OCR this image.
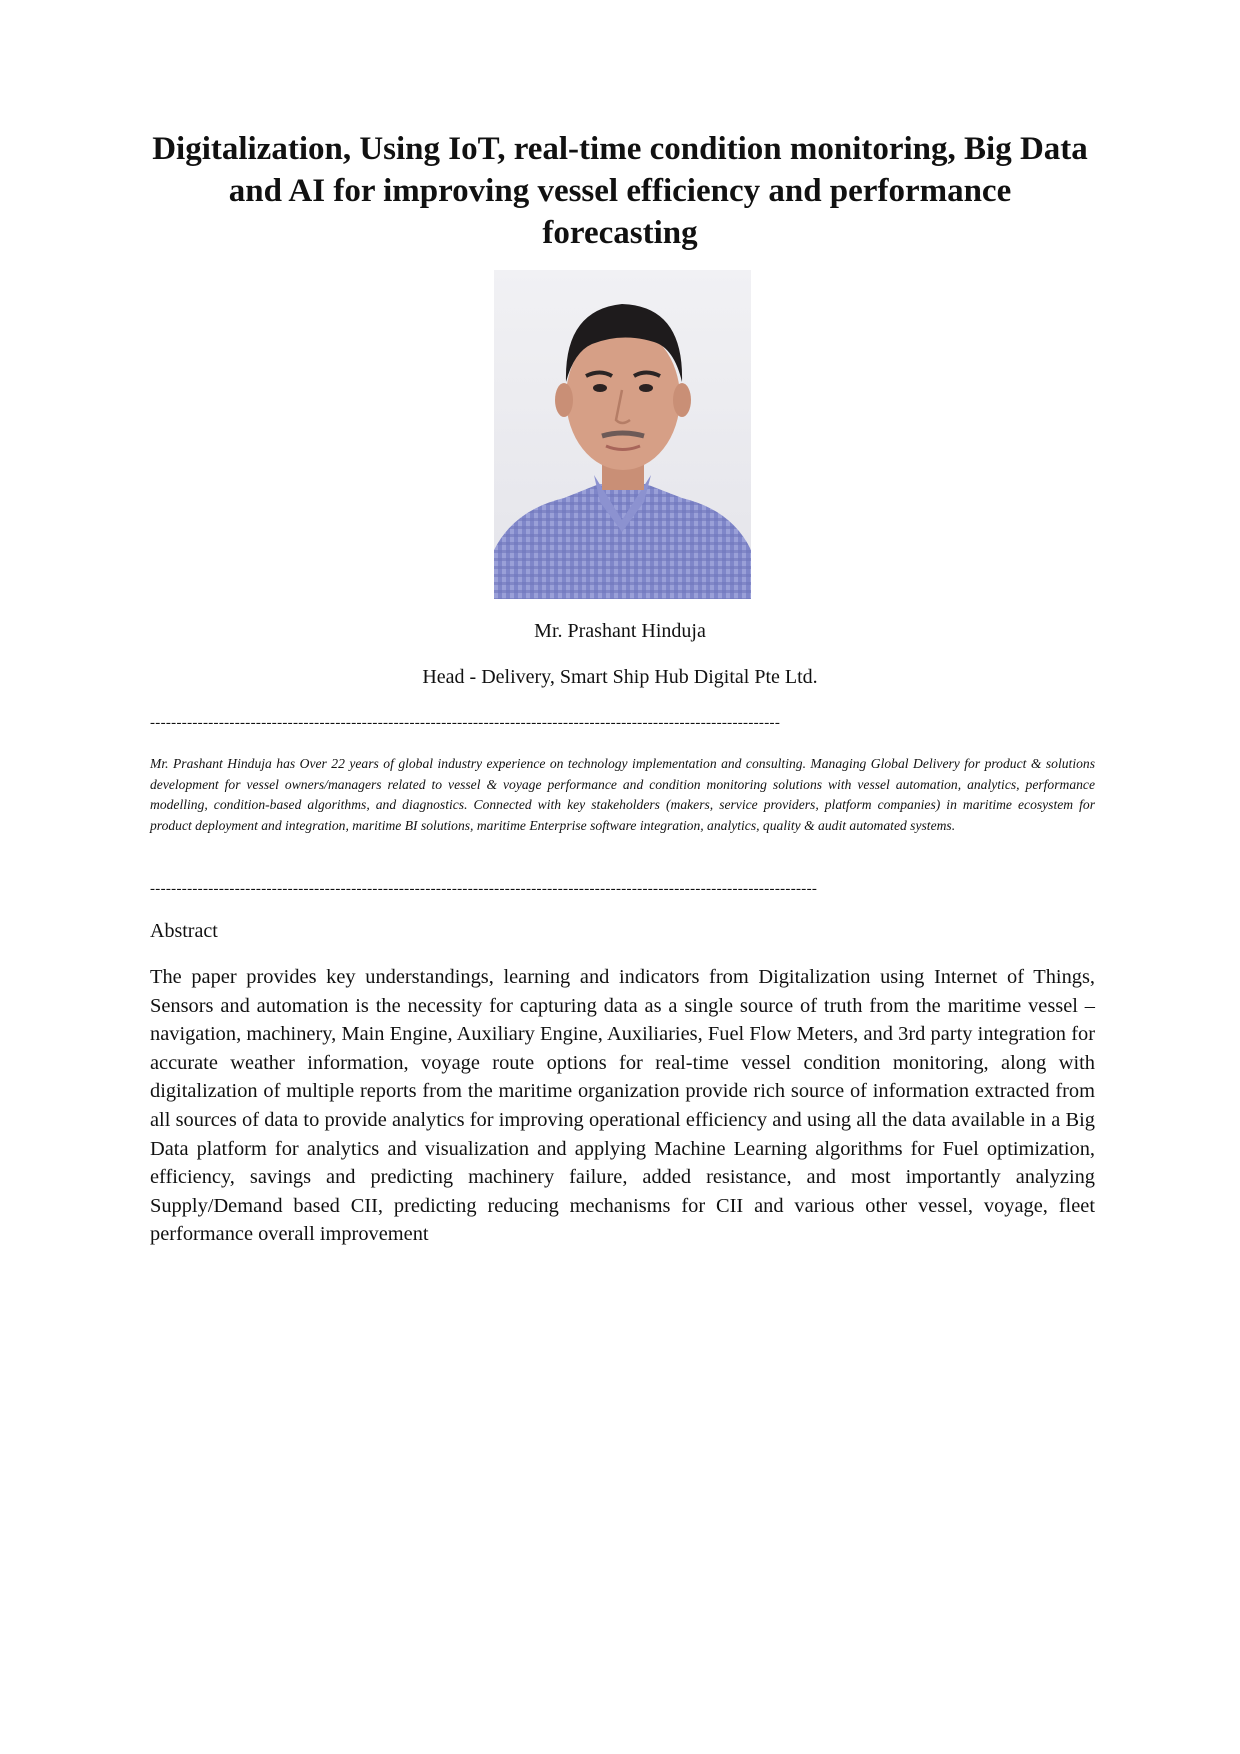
Digitalization, Using IoT, real-time condition monitoring, Big Data and AI for improving vessel efficiency and performance forecasting
Mr. Prashant Hinduja
Head - Delivery, Smart Ship Hub Digital Pte Ltd.
-----------------------------------------------------------------------------------------------------------------------

Mr. Prashant Hinduja has Over 22 years of global industry experience on technology implementation and consulting. Managing Global Delivery for product & solutions development for vessel owners/managers related to vessel & voyage performance and condition monitoring solutions with vessel automation, analytics, performance modelling, condition-based algorithms, and diagnostics. Connected with key stakeholders (makers, service providers, platform companies) in maritime ecosystem for product deployment and integration, maritime BI solutions, maritime Enterprise software integration, analytics, quality & audit automated systems.

------------------------------------------------------------------------------------------------------------------------------
Abstract

The paper provides key understandings, learning and indicators from Digitalization using Internet of Things, Sensors and automation is the necessity for capturing data as a single source of truth from the maritime vessel – navigation, machinery, Main Engine, Auxiliary Engine, Auxiliaries, Fuel Flow Meters, and 3rd party integration for accurate weather information, voyage route options for real-time vessel condition monitoring, along with digitalization of multiple reports from the maritime organization provide rich source of information extracted from all sources of data to provide analytics for improving operational efficiency and using all the data available in a Big Data platform for analytics and visualization and applying Machine Learning algorithms for Fuel optimization, efficiency, savings and predicting machinery failure, added resistance, and most importantly analyzing Supply/Demand based CII, predicting reducing mechanisms for CII and various other vessel, voyage, fleet performance overall improvement
